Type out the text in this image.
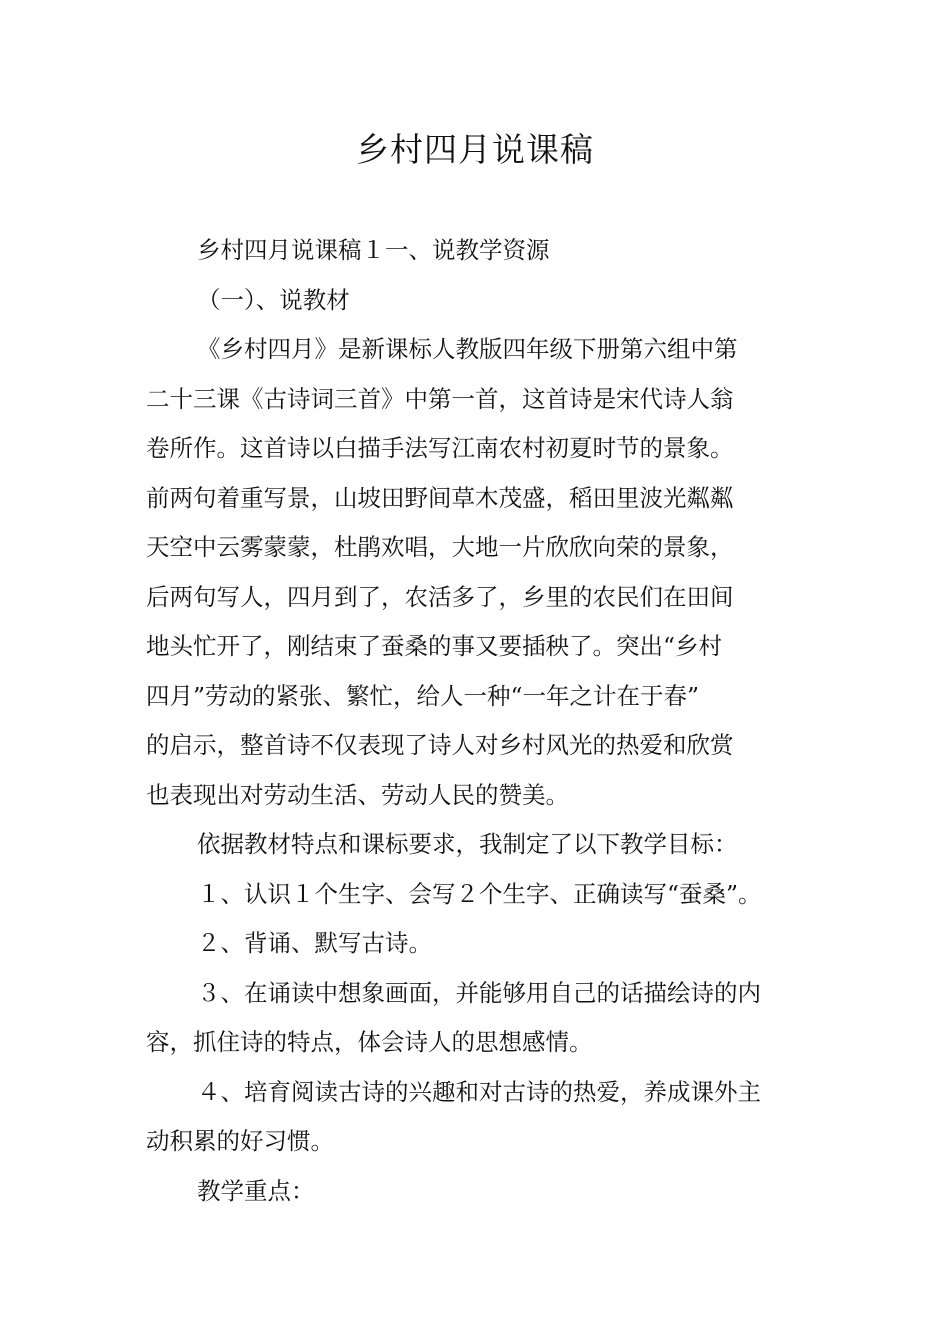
乡村四月说课稿
乡村四月说课稿１一、说教学资源
（一）、说教材
《乡村四月》是新课标人教版四年级下册第六组中第
二十三课《古诗词三首》中第一首，这首诗是宋代诗人翁
卷所作。这首诗以白描手法写江南农村初夏时节的景象。
前两句着重写景，山坡田野间草木茂盛，稻田里波光粼粼
天空中云雾蒙蒙，杜鹃欢唱，大地一片欣欣向荣的景象，
后两句写人，四月到了，农活多了，乡里的农民们在田间
地头忙开了，刚结束了蚕桑的事又要插秧了。突出“乡村
四月”劳动的紧张、繁忙，给人一种“一年之计在于春”
的启示，整首诗不仅表现了诗人对乡村风光的热爱和欣赏
也表现出对劳动生活、劳动人民的赞美。
依据教材特点和课标要求，我制定了以下教学目标：
１、认识１个生字、会写２个生字、正确读写“蚕桑”。
２、背诵、默写古诗。
３、在诵读中想象画面，并能够用自己的话描绘诗的内
容，抓住诗的特点，体会诗人的思想感情。
４、培育阅读古诗的兴趣和对古诗的热爱，养成课外主
动积累的好习惯。
教学重点：
